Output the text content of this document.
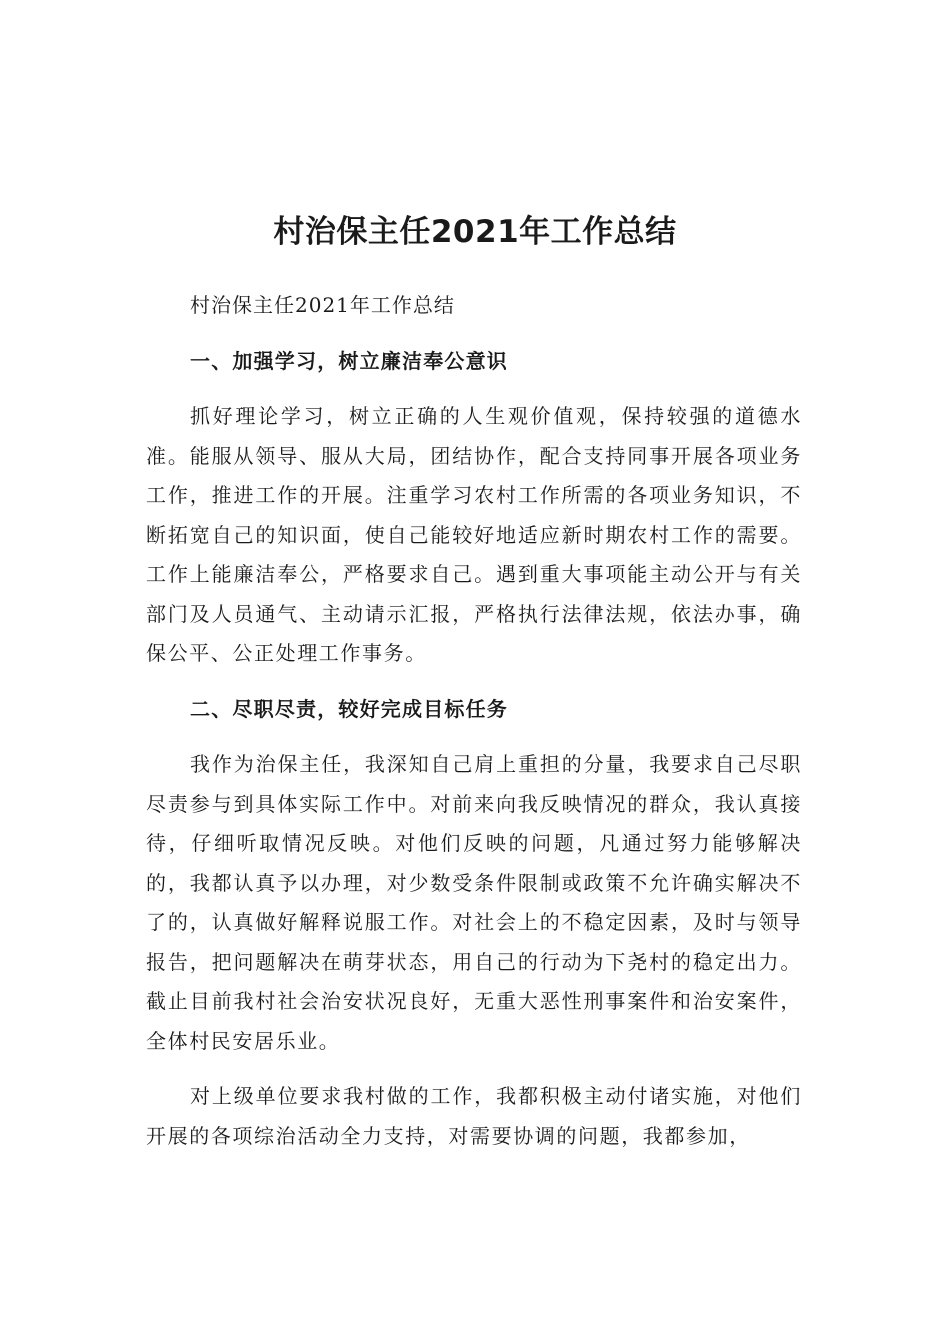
村治保主任2021年工作总结

村治保主任2021年工作总结

一、加强学习，树立廉洁奉公意识

抓好理论学习，树立正确的人生观价值观，保持较强的道德水准。能服从领导、服从大局，团结协作，配合支持同事开展各项业务工作，推进工作的开展。注重学习农村工作所需的各项业务知识，不断拓宽自己的知识面，使自己能较好地适应新时期农村工作的需要。工作上能廉洁奉公，严格要求自己。遇到重大事项能主动公开与有关部门及人员通气、主动请示汇报，严格执行法律法规，依法办事，确保公平、公正处理工作事务。

二、尽职尽责，较好完成目标任务

我作为治保主任，我深知自己肩上重担的分量，我要求自己尽职尽责参与到具体实际工作中。对前来向我反映情况的群众，我认真接待，仔细听取情况反映。对他们反映的问题，凡通过努力能够解决的，我都认真予以办理，对少数受条件限制或政策不允许确实解决不了的，认真做好解释说服工作。对社会上的不稳定因素，及时与领导报告，把问题解决在萌芽状态，用自己的行动为下尧村的稳定出力。截止目前我村社会治安状况良好，无重大恶性刑事案件和治安案件，全体村民安居乐业。

对上级单位要求我村做的工作，我都积极主动付诸实施，对他们开展的各项综治活动全力支持，对需要协调的问题，我都参加，
